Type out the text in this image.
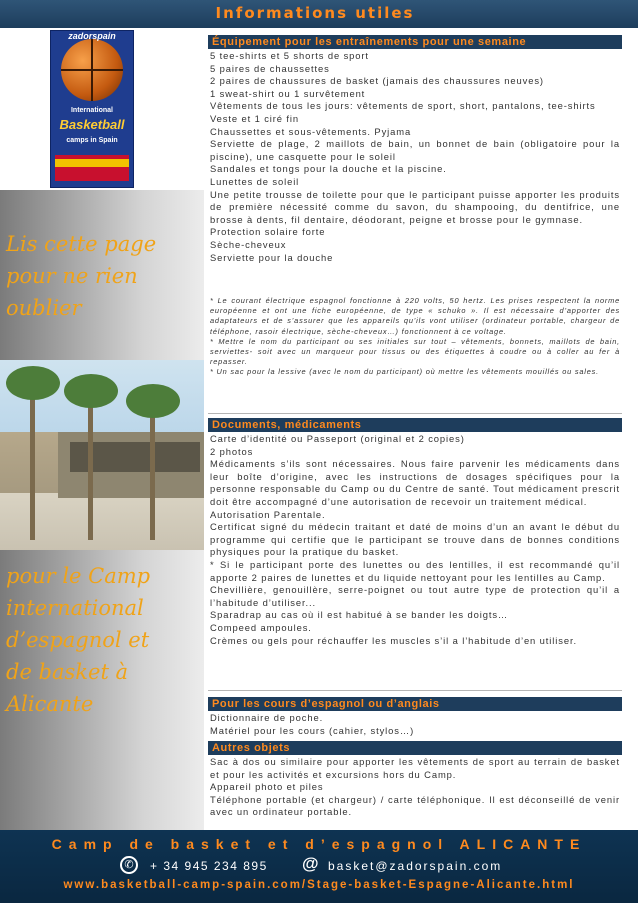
Informations utiles
zadorspain
International
Basketball
camps in Spain
Lis cette page pour ne rien oublier
pour le Camp international d’espagnol et de basket à Alicante
Équipement pour les entraînements pour une semaine
5 tee-shirts et 5 shorts de sport
5 paires de chaussettes
2 paires de chaussures de basket (jamais des chaussures neuves)
1 sweat-shirt ou 1 survêtement
Vêtements de tous les jours: vêtements de sport, short, pantalons, tee-shirts
Veste et 1 ciré fin
Chaussettes et sous-vêtements. Pyjama
Serviette de plage, 2 maillots de bain, un bonnet de bain (obligatoire pour la piscine), une casquette pour le soleil
Sandales et tongs pour la douche et la piscine.
Lunettes de soleil
Une petite trousse de toilette pour que le participant puisse apporter les produits de première nécessité comme du savon, du shampooing, du dentifrice, une brosse à dents, fil dentaire, déodorant, peigne et brosse pour le gymnase.
Protection solaire forte
Sèche-cheveux
Serviette pour la douche
* Le courant électrique espagnol fonctionne à 220 volts, 50 hertz. Les prises respectent la norme européenne et ont une fiche européenne, de type « schuko ». Il est nécessaire d’apporter des adaptateurs et de s’assurer que les appareils qu’ils vont utiliser (ordinateur portable, chargeur de téléphone, rasoir électrique, sèche-cheveux…) fonctionnent à ce voltage.
* Mettre le nom du participant ou ses initiales sur tout – vêtements, bonnets, maillots de bain, serviettes- soit avec un marqueur pour tissus ou des étiquettes à coudre ou à coller au fer à repasser.
* Un sac pour la lessive (avec le nom du participant) où mettre les vêtements mouillés ou sales.
Documents, médicaments
Carte d’identité ou Passeport (original et 2 copies)
2 photos
Médicaments s’ils sont nécessaires. Nous faire parvenir les médicaments dans leur boîte d’origine, avec les instructions de dosages spécifiques pour la personne responsable du Camp ou du Centre de santé. Tout médicament prescrit doit être accompagné d’une autorisation de recevoir un traitement médical.
Autorisation Parentale.
Certificat signé du médecin traitant et daté de moins d’un an avant le début du programme qui certifie que le participant se trouve dans de bonnes conditions physiques pour la pratique du basket.
* Si le participant porte des lunettes ou des lentilles, il est recommandé qu’il apporte 2 paires de lunettes et du liquide nettoyant pour les lentilles au Camp.
Chevillière, genouillère, serre-poignet ou tout autre type de protection qu’il a l’habitude d’utiliser...
Sparadrap au cas où il est habitué à se bander les doigts…
Compeed ampoules.
Crèmes ou gels pour réchauffer les muscles s’il a l’habitude d’en utiliser.
Pour les cours d’espagnol ou d’anglais
Dictionnaire de poche.
Matériel pour les cours (cahier, stylos…)
Autres objets
Sac à dos ou similaire pour apporter les vêtements de sport au terrain de basket et pour les activités et excursions hors du Camp.
Appareil photo et piles
Téléphone portable (et chargeur) / carte téléphonique. Il est déconseillé de venir avec un ordinateur portable.
Camp de basket et d’espagnol ALICANTE
✆	+ 34 945 234 895 @ basket@zadorspain.com
www.basketball-camp-spain.com/Stage-basket-Espagne-Alicante.html
